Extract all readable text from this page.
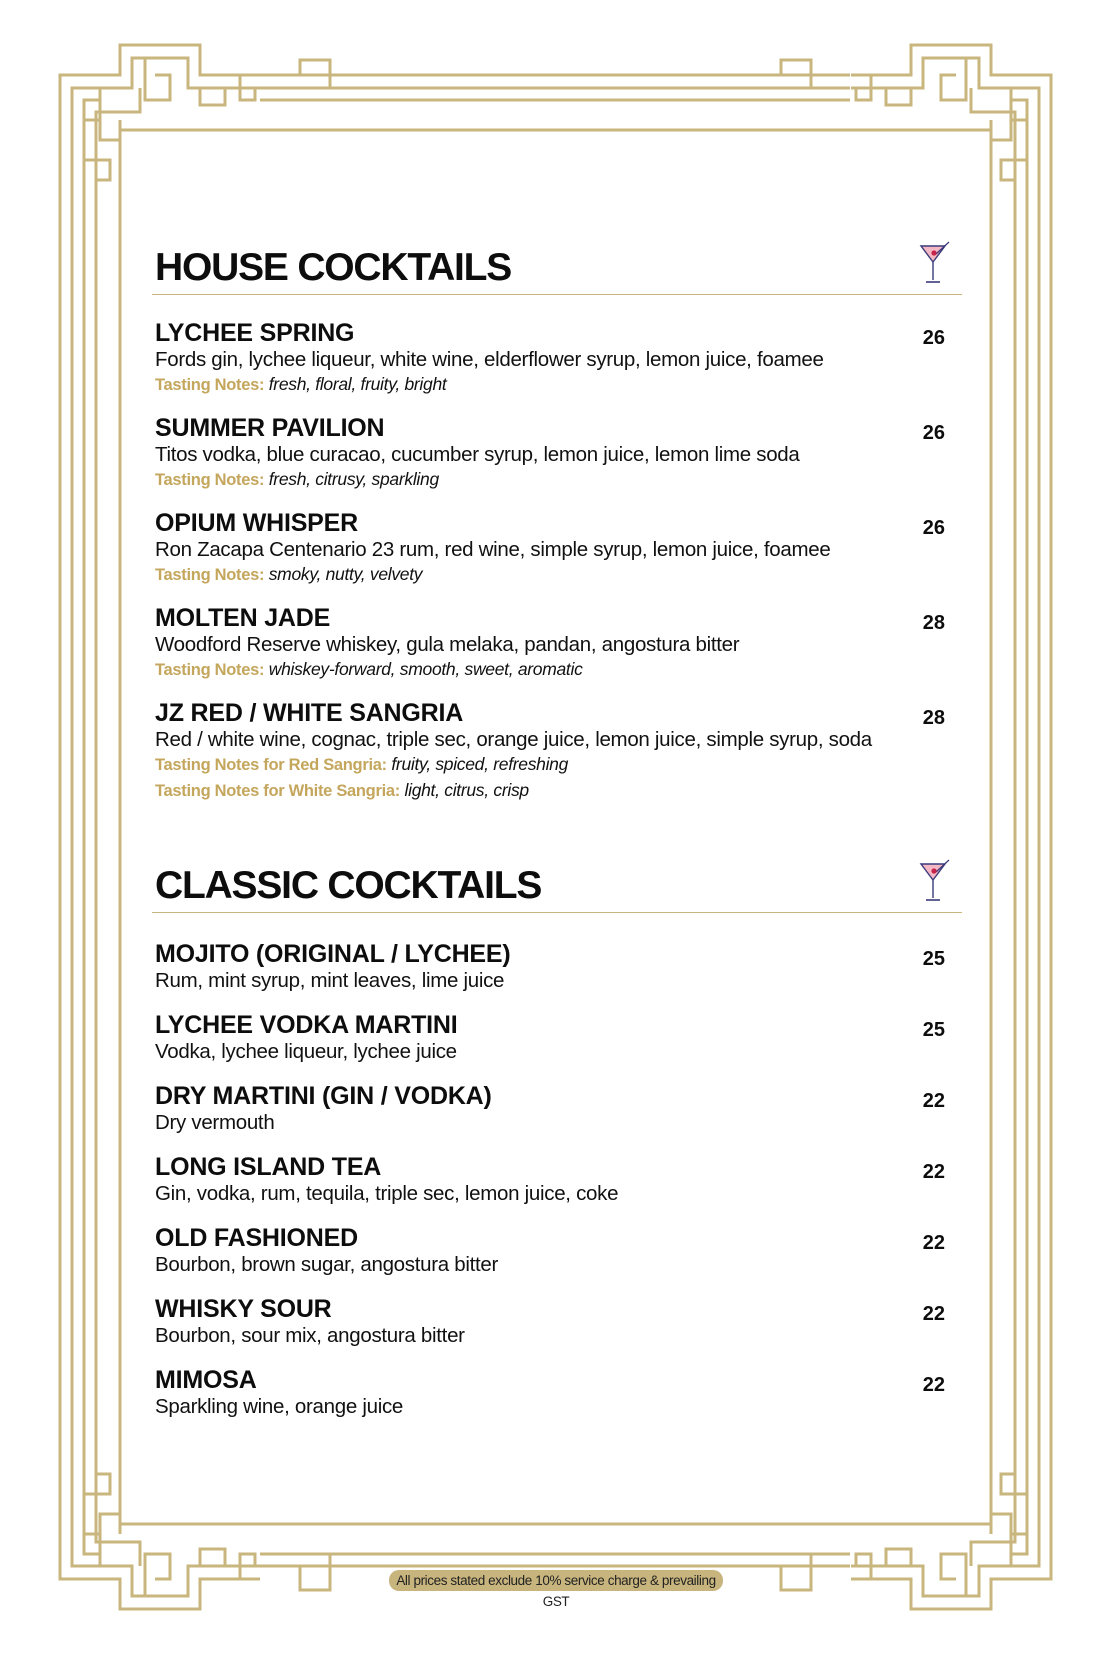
HOUSE COCKTAILS
LYCHEE SPRING
Fords gin, lychee liqueur, white wine, elderflower syrup, lemon juice, foamee
Tasting Notes: fresh, floral, fruity, bright
26
SUMMER PAVILION
Titos vodka, blue curacao, cucumber syrup, lemon juice, lemon lime soda
Tasting Notes: fresh, citrusy, sparkling
26
OPIUM WHISPER
Ron Zacapa Centenario 23 rum, red wine, simple syrup, lemon juice, foamee
Tasting Notes: smoky, nutty, velvety
26
MOLTEN JADE
Woodford Reserve whiskey, gula melaka, pandan, angostura bitter
Tasting Notes: whiskey-forward, smooth, sweet, aromatic
28
JZ RED / WHITE SANGRIA
Red / white wine, cognac, triple sec, orange juice, lemon juice, simple syrup, soda
Tasting Notes for Red Sangria: fruity, spiced, refreshing
Tasting Notes for White Sangria: light, citrus, crisp
28
CLASSIC COCKTAILS
MOJITO (ORIGINAL / LYCHEE)
Rum, mint syrup, mint leaves, lime juice
25
LYCHEE VODKA MARTINI
Vodka, lychee liqueur, lychee juice
25
DRY MARTINI (GIN / VODKA)
Dry vermouth
22
LONG ISLAND TEA
Gin, vodka, rum, tequila, triple sec, lemon juice, coke
22
OLD FASHIONED
Bourbon, brown sugar, angostura bitter
22
WHISKY SOUR
Bourbon, sour mix, angostura bitter
22
MIMOSA
Sparkling wine, orange juice
22
All prices stated exclude 10% service charge & prevailing GST
